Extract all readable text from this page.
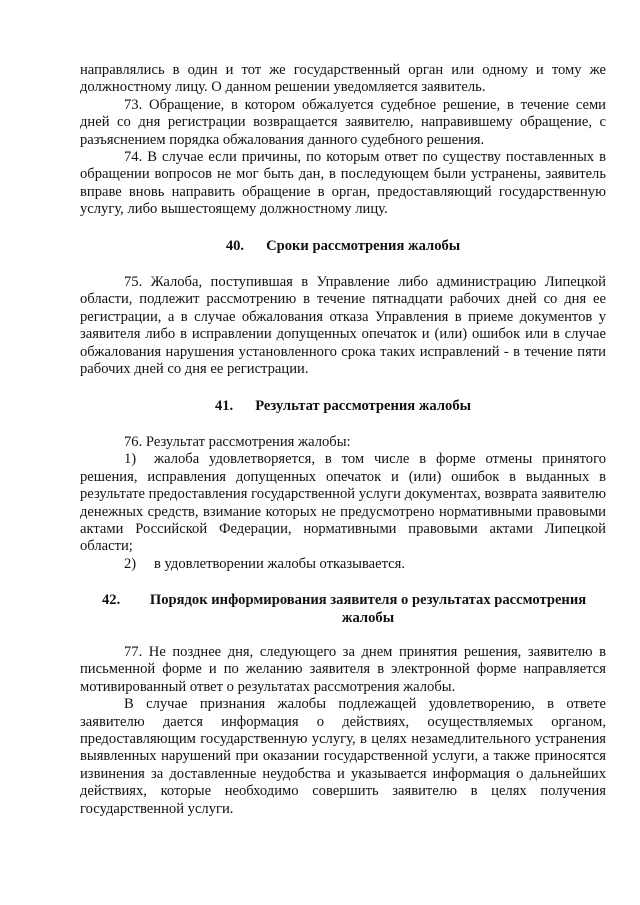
направлялись в один и тот же государственный орган или одному и тому же должностному лицу. О данном решении уведомляется заявитель.

73. Обращение, в котором обжалуется судебное решение, в течение семи дней со дня регистрации возвращается заявителю, направившему обращение, с разъяснением порядка обжалования данного судебного решения.

74. В случае если причины, по которым ответ по существу поставленных в обращении вопросов не мог быть дан, в последующем были устранены, заявитель вправе вновь направить обращение в орган, предоставляющий государственную услугу, либо вышестоящему должностному лицу.

40. Сроки рассмотрения жалобы

75. Жалоба, поступившая в Управление либо администрацию Липецкой области, подлежит рассмотрению в течение пятнадцати рабочих дней со дня ее регистрации, а в случае обжалования отказа Управления в приеме документов у заявителя либо в исправлении допущенных опечаток и (или) ошибок или в случае обжалования нарушения установленного срока таких исправлений - в течение пяти рабочих дней со дня ее регистрации.

41. Результат рассмотрения жалобы

76. Результат рассмотрения жалобы:

1) жалоба удовлетворяется, в том числе в форме отмены принятого решения, исправления допущенных опечаток и (или) ошибок в выданных в результате предоставления государственной услуги документах, возврата заявителю денежных средств, взимание которых не предусмотрено нормативными правовыми актами Российской Федерации, нормативными правовыми актами Липецкой области;

2) в удовлетворении жалобы отказывается.

42.	Порядок информирования заявителя о результатах рассмотрения жалобы

77. Не позднее дня, следующего за днем принятия решения, заявителю в письменной форме и по желанию заявителя в электронной форме направляется мотивированный ответ о результатах рассмотрения жалобы.

В случае признания жалобы подлежащей удовлетворению, в ответе заявителю дается информация о действиях, осуществляемых органом, предоставляющим государственную услугу, в целях незамедлительного устранения выявленных нарушений при оказании государственной услуги, а также приносятся извинения за доставленные неудобства и указывается информация о дальнейших действиях, которые необходимо совершить заявителю в целях получения государственной услуги.
